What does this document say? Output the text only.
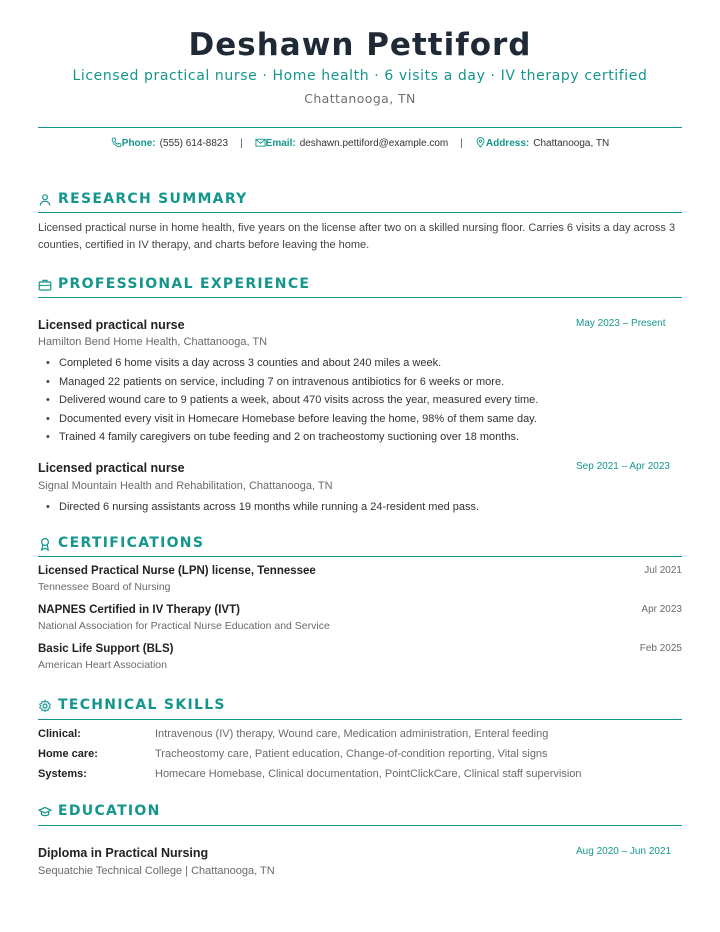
Deshawn Pettiford
Licensed practical nurse · Home health · 6 visits a day · IV therapy certified
Chattanooga, TN
Phone: (555) 614-8823 | Email: deshawn.pettiford@example.com | Address: Chattanooga, TN
RESEARCH SUMMARY
Licensed practical nurse in home health, five years on the license after two on a skilled nursing floor. Carries 6 visits a day across 3 counties, certified in IV therapy, and charts before leaving the home.
PROFESSIONAL EXPERIENCE
Licensed practical nurse	May 2023 – Present
Hamilton Bend Home Health, Chattanooga, TN
• Completed 6 home visits a day across 3 counties and about 240 miles a week.
• Managed 22 patients on service, including 7 on intravenous antibiotics for 6 weeks or more.
• Delivered wound care to 9 patients a week, about 470 visits across the year, measured every time.
• Documented every visit in Homecare Homebase before leaving the home, 98% of them same day.
• Trained 4 family caregivers on tube feeding and 2 on tracheostomy suctioning over 18 months.
Licensed practical nurse	Sep 2021 – Apr 2023
Signal Mountain Health and Rehabilitation, Chattanooga, TN
• Directed 6 nursing assistants across 19 months while running a 24-resident med pass.
CERTIFICATIONS
Licensed Practical Nurse (LPN) license, Tennessee	Jul 2021
Tennessee Board of Nursing
NAPNES Certified in IV Therapy (IVT)	Apr 2023
National Association for Practical Nurse Education and Service
Basic Life Support (BLS)	Feb 2025
American Heart Association
TECHNICAL SKILLS
Clinical:	Intravenous (IV) therapy, Wound care, Medication administration, Enteral feeding
Home care:	Tracheostomy care, Patient education, Change-of-condition reporting, Vital signs
Systems:	Homecare Homebase, Clinical documentation, PointClickCare, Clinical staff supervision
EDUCATION
Diploma in Practical Nursing	Aug 2020 – Jun 2021
Sequatchie Technical College | Chattanooga, TN
